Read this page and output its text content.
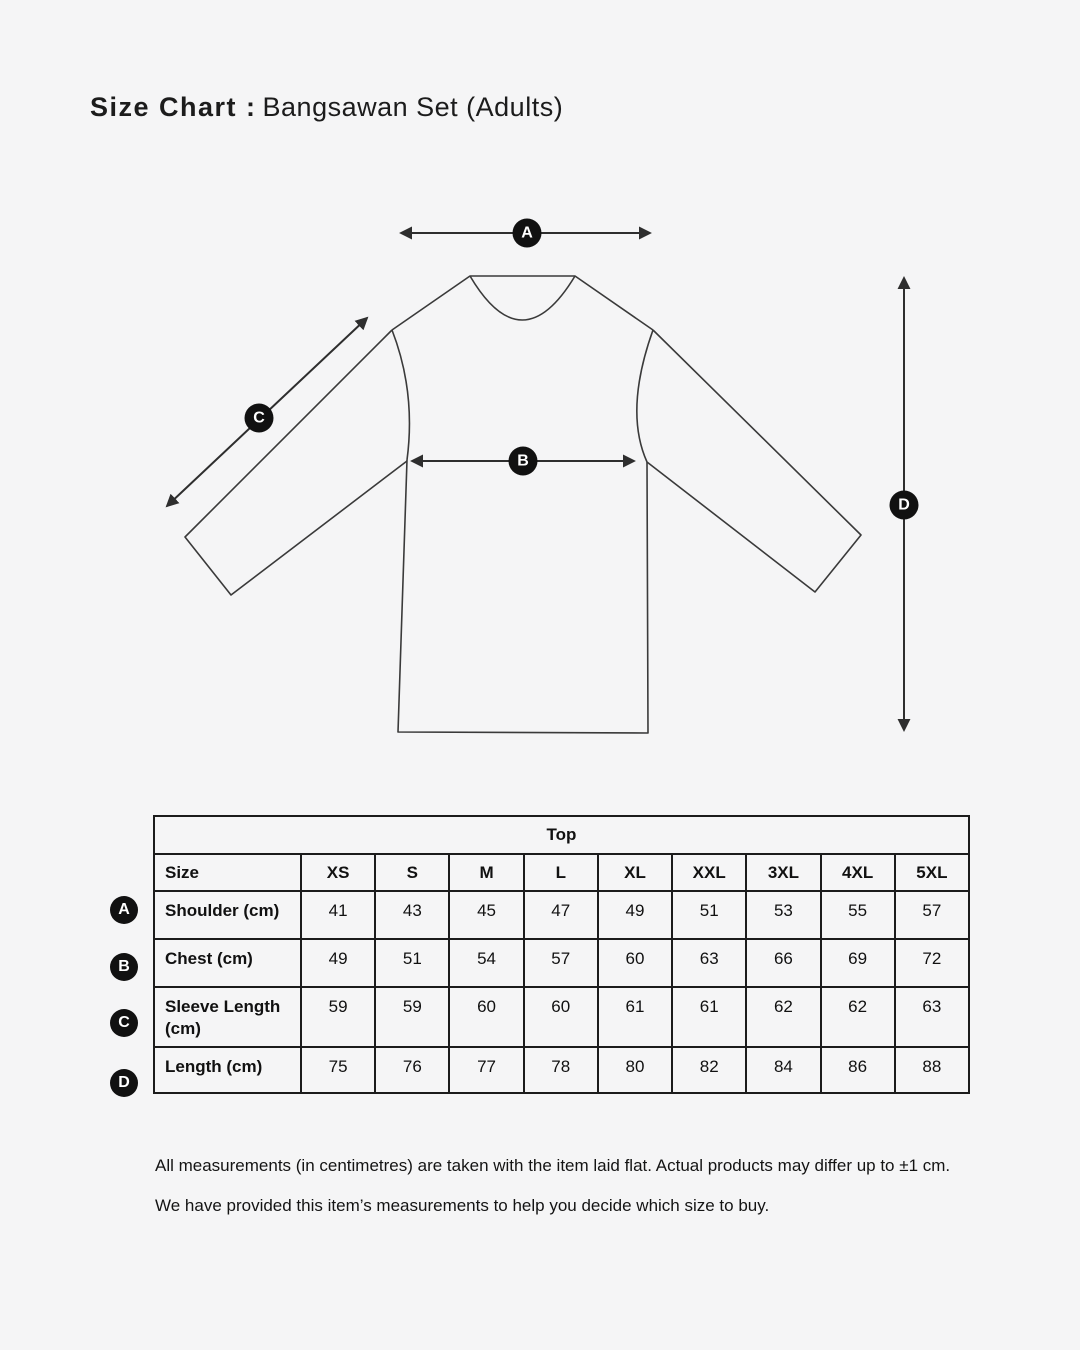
Size Chart : Bangsawan Set (Adults)
A
B
C
D
A
B
C
D
Top									
Size	XS	S	M	L	XL	XXL	3XL	4XL	5XL
Shoulder (cm)	41	43	45	47	49	51	53	55	57
Chest (cm)	49	51	54	57	60	63	66	69	72
Sleeve Length (cm)	59	59	60	60	61	61	62	62	63
Length (cm)	75	76	77	78	80	82	84	86	88

All measurements (in centimetres) are taken with the item laid flat. Actual products may differ up to ±1 cm.

We have provided this item’s measurements to help you decide which size to buy.
